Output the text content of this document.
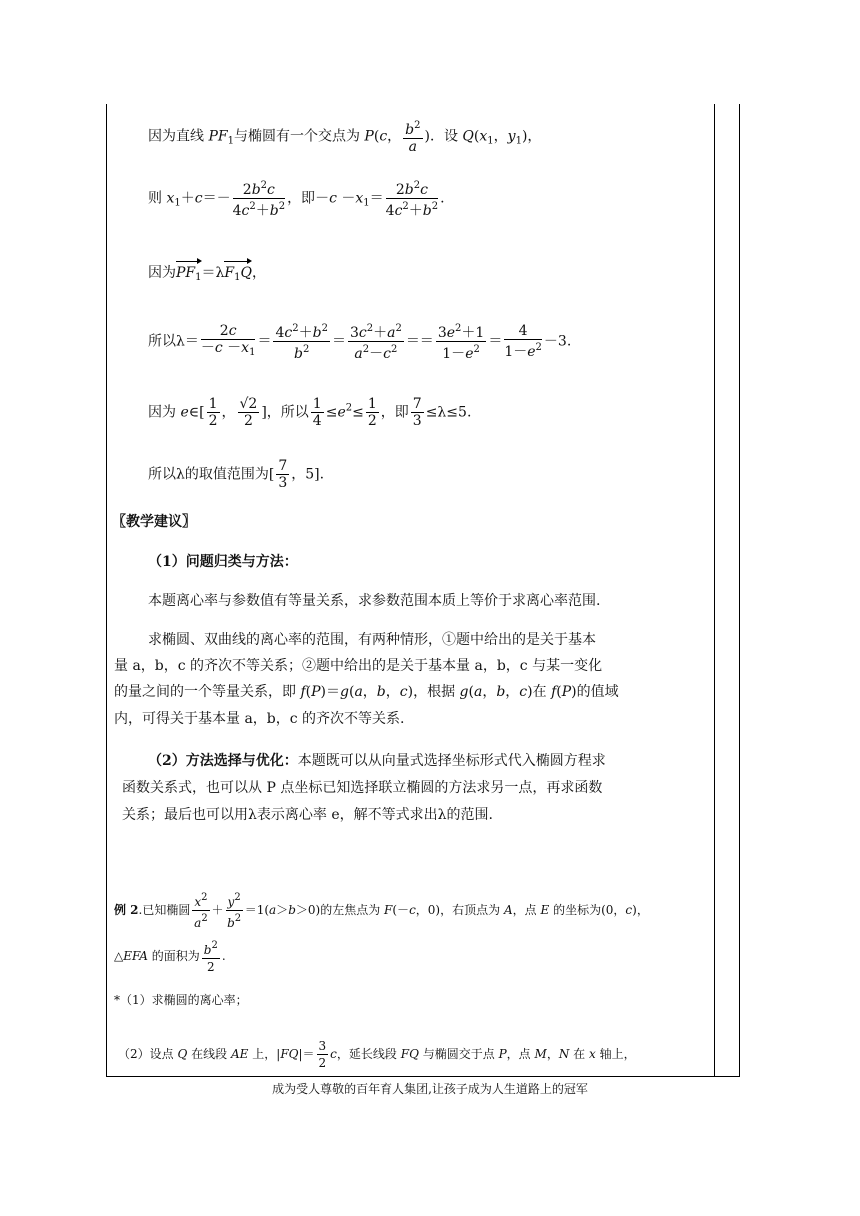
因为直线 $PF_1$与椭圆有一个交点为 P(c， $\frac{b^2}{a}$ )．设 $Q(x_1$，$y_1$)，
则 $x_1+c=- \frac{2b^2c}{4c^2+b^2}$ ，即$-c -x_1= \frac{2b^2c}{4c^2+b^2}$ .
因为$PF_1=\lambda F_1Q$，
所以$\lambda= \frac{2c}{-c -x_1} = \frac{4c^2+b^2}{b^2} = \frac{3c^2+a^2}{a^2-c^2} == \frac{3e^2+1}{1-e^2} = \frac{4}{1-e^2} -3$.
因为 e∈[ $\frac{1}{2}$ ， $\frac{√2}{2}$ ]，所以 $\frac{1}{4} \le e^2\le \frac{1}{2}$ ，即 $\frac{7}{3} \le\lambda\le 5$.
所以λ的取值范围为[ $\frac{7}{3}$ ，5].
〖教学建议〗
（1）问题归类与方法：
本题离心率与参数值有等量关系，求参数范围本质上等价于求离心率范围.
求椭圆、双曲线的离心率的范围，有两种情形，①题中给出的是关于基本
量 a，b，c 的齐次不等关系；②题中给出的是关于基本量 a，b，c 与某一变化
的量之间的一个等量关系，即 f(P)＝g(a，b，c)，根据 g(a，b，c)在 f(P)的值域
内，可得关于基本量 a，b，c 的齐次不等关系.
（2）方法选择与优化：本题既可以从向量式选择坐标形式代入椭圆方程求
函数关系式，也可以从 P 点坐标已知选择联立椭圆的方法求另一点，再求函数
关系；最后也可以用λ表示离心率 e，解不等式求出λ的范围.
例 2.已知椭圆 $\frac{x^2}{a^2} + \frac{y^2}{b^2} =1(a>b>0)$的左焦点为 F(－c，0)，右顶点为 A，点 E 的坐标为(0，c)，
△EFA 的面积为 $\frac{b^2}{2}$ .
*（1）求椭圆的离心率；
（2）设点 Q 在线段 AE 上，$|FQ|= \frac{3}{2}$ c，延长线段 FQ 与椭圆交于点 P，点 M，N 在 x 轴上，
成为受人尊敬的百年育人集团,让孩子成为人生道路上的冠军
